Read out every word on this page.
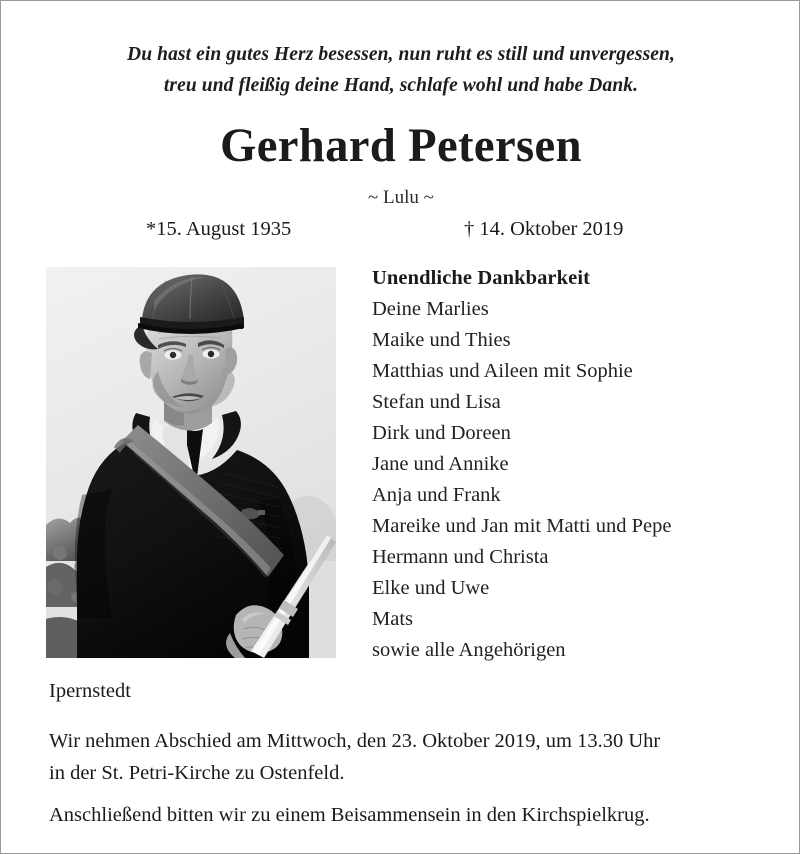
Du hast ein gutes Herz besessen, nun ruht es still und unvergessen,
treu und fleißig deine Hand, schlafe wohl und habe Dank.
Gerhard Petersen
~ Lulu ~
*15. August 1935	† 14. Oktober 2019
Unendliche Dankbarkeit
Deine Marlies
Maike und Thies
Matthias und Aileen mit Sophie
Stefan und Lisa
Dirk und Doreen
Jane und Annike
Anja und Frank
Mareike und Jan mit Matti und Pepe
Hermann und Christa
Elke und Uwe
Mats
sowie alle Angehörigen
Ipernstedt
Wir nehmen Abschied am Mittwoch, den 23. Oktober 2019, um 13.30 Uhr
in der St. Petri-Kirche zu Ostenfeld.
Anschließend bitten wir zu einem Beisammensein in den Kirchspielkrug.
